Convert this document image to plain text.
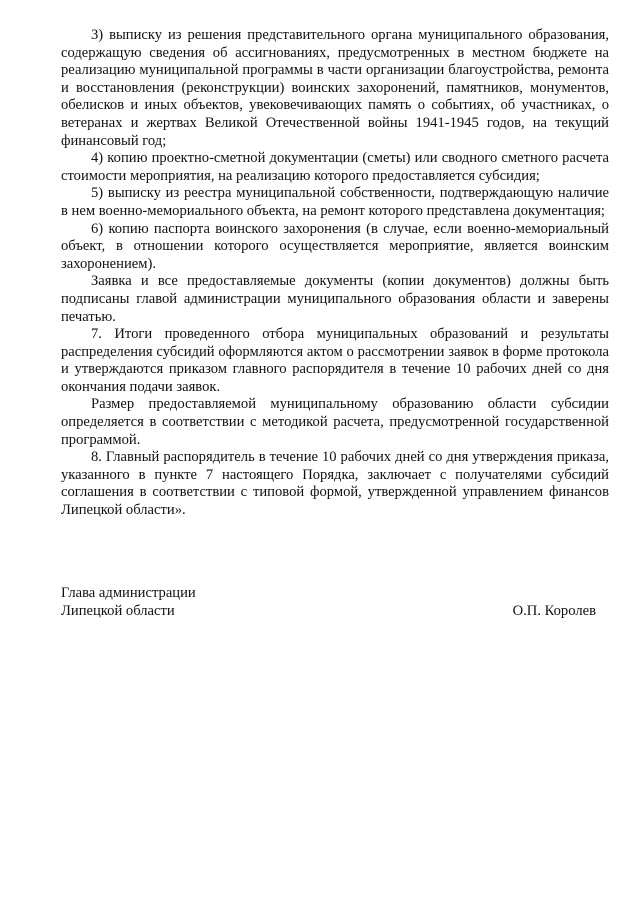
3) выписку из решения представительного органа муниципального образования, содержащую сведения об ассигнованиях, предусмотренных в местном бюджете на реализацию муниципальной программы в части организации благоустройства, ремонта и восстановления (реконструкции) воинских захоронений, памятников, монументов, обелисков и иных объектов, увековечивающих память о событиях, об участниках, о ветеранах и жертвах Великой Отечественной войны 1941-1945 годов, на текущий финансовый год;

4) копию проектно-сметной документации (сметы) или сводного сметного расчета стоимости мероприятия, на реализацию которого предоставляется субсидия;

5) выписку из реестра муниципальной собственности, подтверждающую наличие в нем военно-мемориального объекта, на ремонт которого представлена документация;

6) копию паспорта воинского захоронения (в случае, если военно-мемориальный объект, в отношении которого осуществляется мероприятие, является воинским захоронением).

Заявка и все предоставляемые документы (копии документов) должны быть подписаны главой администрации муниципального образования области и заверены печатью.

7. Итоги проведенного отбора муниципальных образований и результаты распределения субсидий оформляются актом о рассмотрении заявок в форме протокола и утверждаются приказом главного распорядителя в течение 10 рабочих дней со дня окончания подачи заявок.

Размер предоставляемой муниципальному образованию области субсидии определяется в соответствии с методикой расчета, предусмотренной государственной программой.

8. Главный распорядитель в течение 10 рабочих дней со дня утверждения приказа, указанного в пункте 7 настоящего Порядка, заключает с получателями субсидий соглашения в соответствии с типовой формой, утвержденной управлением финансов Липецкой области».

Глава администрации
Липецкой области	О.П. Королев
